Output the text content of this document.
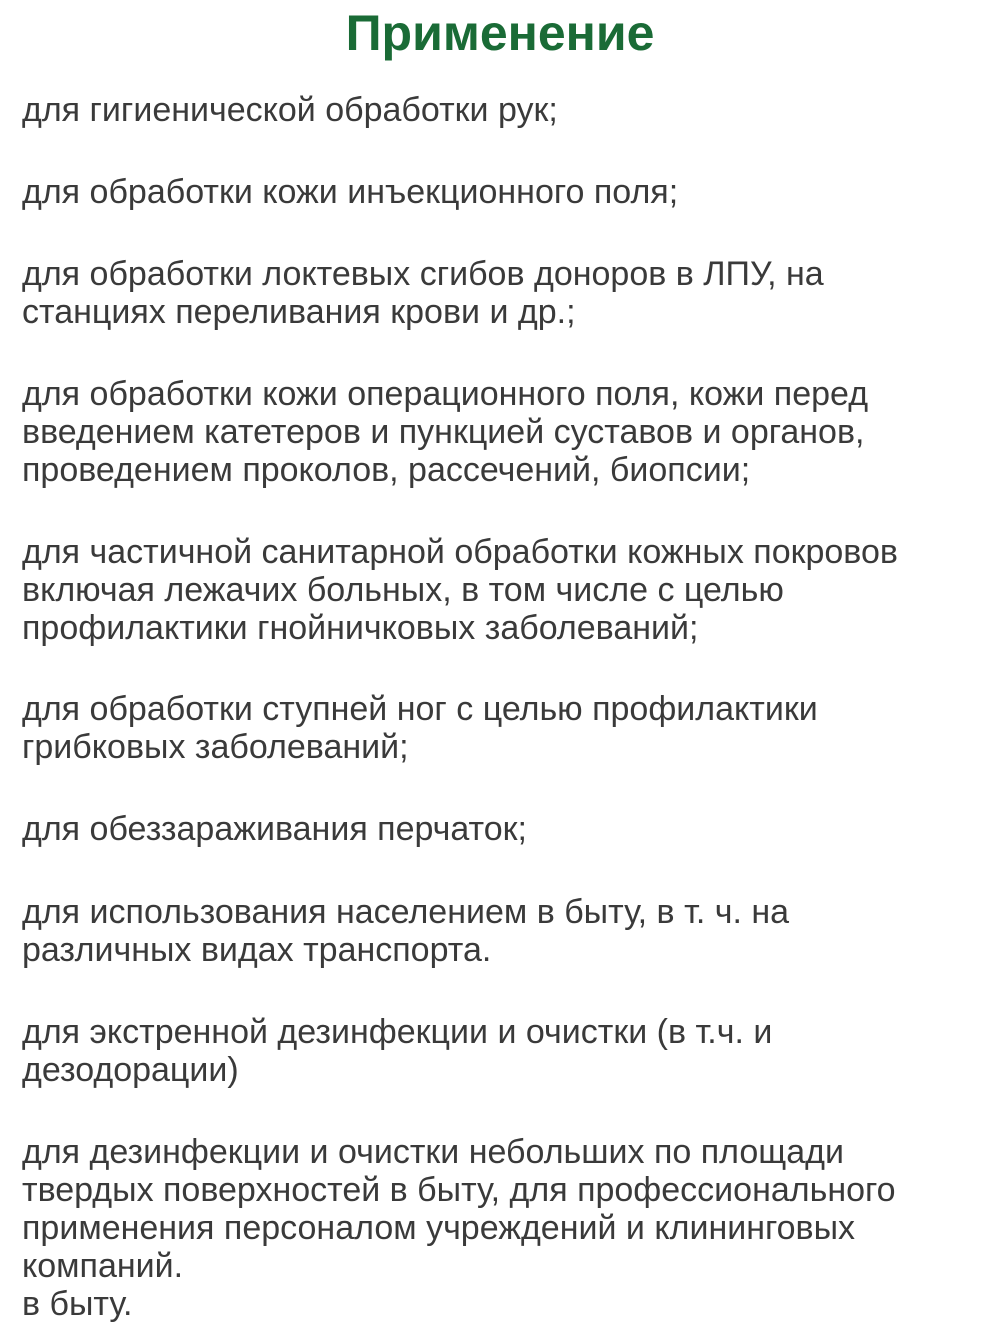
Применение

для гигиенической обработки рук;

для обработки кожи инъекционного поля;

для обработки локтевых сгибов доноров в ЛПУ, на
станциях переливания крови и др.;

для обработки кожи операционного поля, кожи перед
введением катетеров и пункцией суставов и органов,
проведением проколов, рассечений, биопсии;

для частичной санитарной обработки кожных покровов
включая лежачих больных, в том числе с целью
профилактики гнойничковых заболеваний;

для обработки ступней ног с целью профилактики
грибковых заболеваний;

для обеззараживания перчаток;

для использования населением в быту, в т. ч. на
различных видах транспорта.

для экстренной дезинфекции и очистки (в т.ч. и
дезодорации)

для дезинфекции и очистки небольших по площади
твердых поверхностей в быту, для профессионального
применения персоналом учреждений и клининговых
компаний.
в быту.
